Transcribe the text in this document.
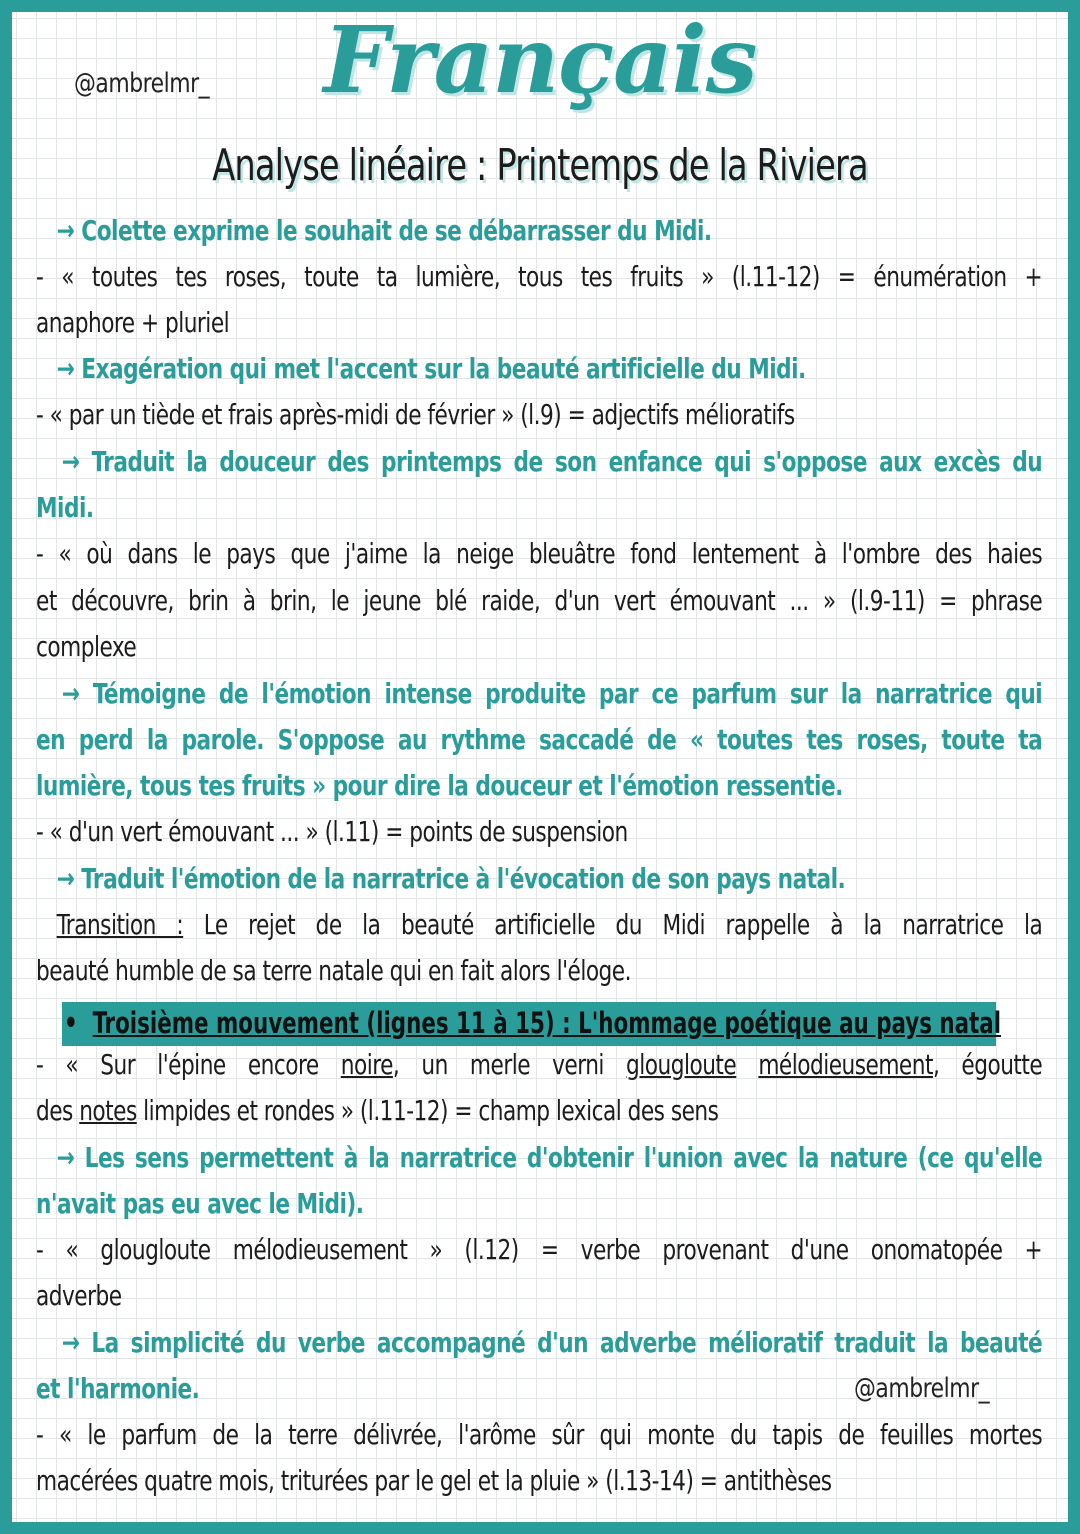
@ambrelmr_	Français
Analyse linéaire : Printemps de la Riviera
→ Colette exprime le souhait de se débarrasser du Midi.
- « toutes tes roses, toute ta lumière, tous tes fruits » (l.11-12) = énumération +
anaphore + pluriel
→ Exagération qui met l'accent sur la beauté artificielle du Midi.
- « par un tiède et frais après-midi de février » (l.9) = adjectifs mélioratifs
→ Traduit la douceur des printemps de son enfance qui s'oppose aux excès du
Midi.
- « où dans le pays que j'aime la neige bleuâtre fond lentement à l'ombre des haies
et découvre, brin à brin, le jeune blé raide, d'un vert émouvant ... » (l.9-11) = phrase
complexe
→ Témoigne de l'émotion intense produite par ce parfum sur la narratrice qui
en perd la parole. S'oppose au rythme saccadé de « toutes tes roses, toute ta
lumière, tous tes fruits » pour dire la douceur et l'émotion ressentie.
- « d'un vert émouvant ... » (l.11) = points de suspension
→ Traduit l'émotion de la narratrice à l'évocation de son pays natal.
Transition : Le rejet de la beauté artificielle du Midi rappelle à la narratrice la
beauté humble de sa terre natale qui en fait alors l'éloge.
• Troisième mouvement (lignes 11 à 15) : L'hommage poétique au pays natal
- « Sur l'épine encore noire, un merle verni glougloute mélodieusement, égoutte
des notes limpides et rondes » (l.11-12) = champ lexical des sens
→ Les sens permettent à la narratrice d'obtenir l'union avec la nature (ce qu'elle
n'avait pas eu avec le Midi).
- « glougloute mélodieusement » (l.12) = verbe provenant d'une onomatopée +
adverbe
→ La simplicité du verbe accompagné d'un adverbe mélioratif traduit la beauté
et l'harmonie.	@ambrelmr_
- « le parfum de la terre délivrée, l'arôme sûr qui monte du tapis de feuilles mortes
macérées quatre mois, triturées par le gel et la pluie » (l.13-14) = antithèses
